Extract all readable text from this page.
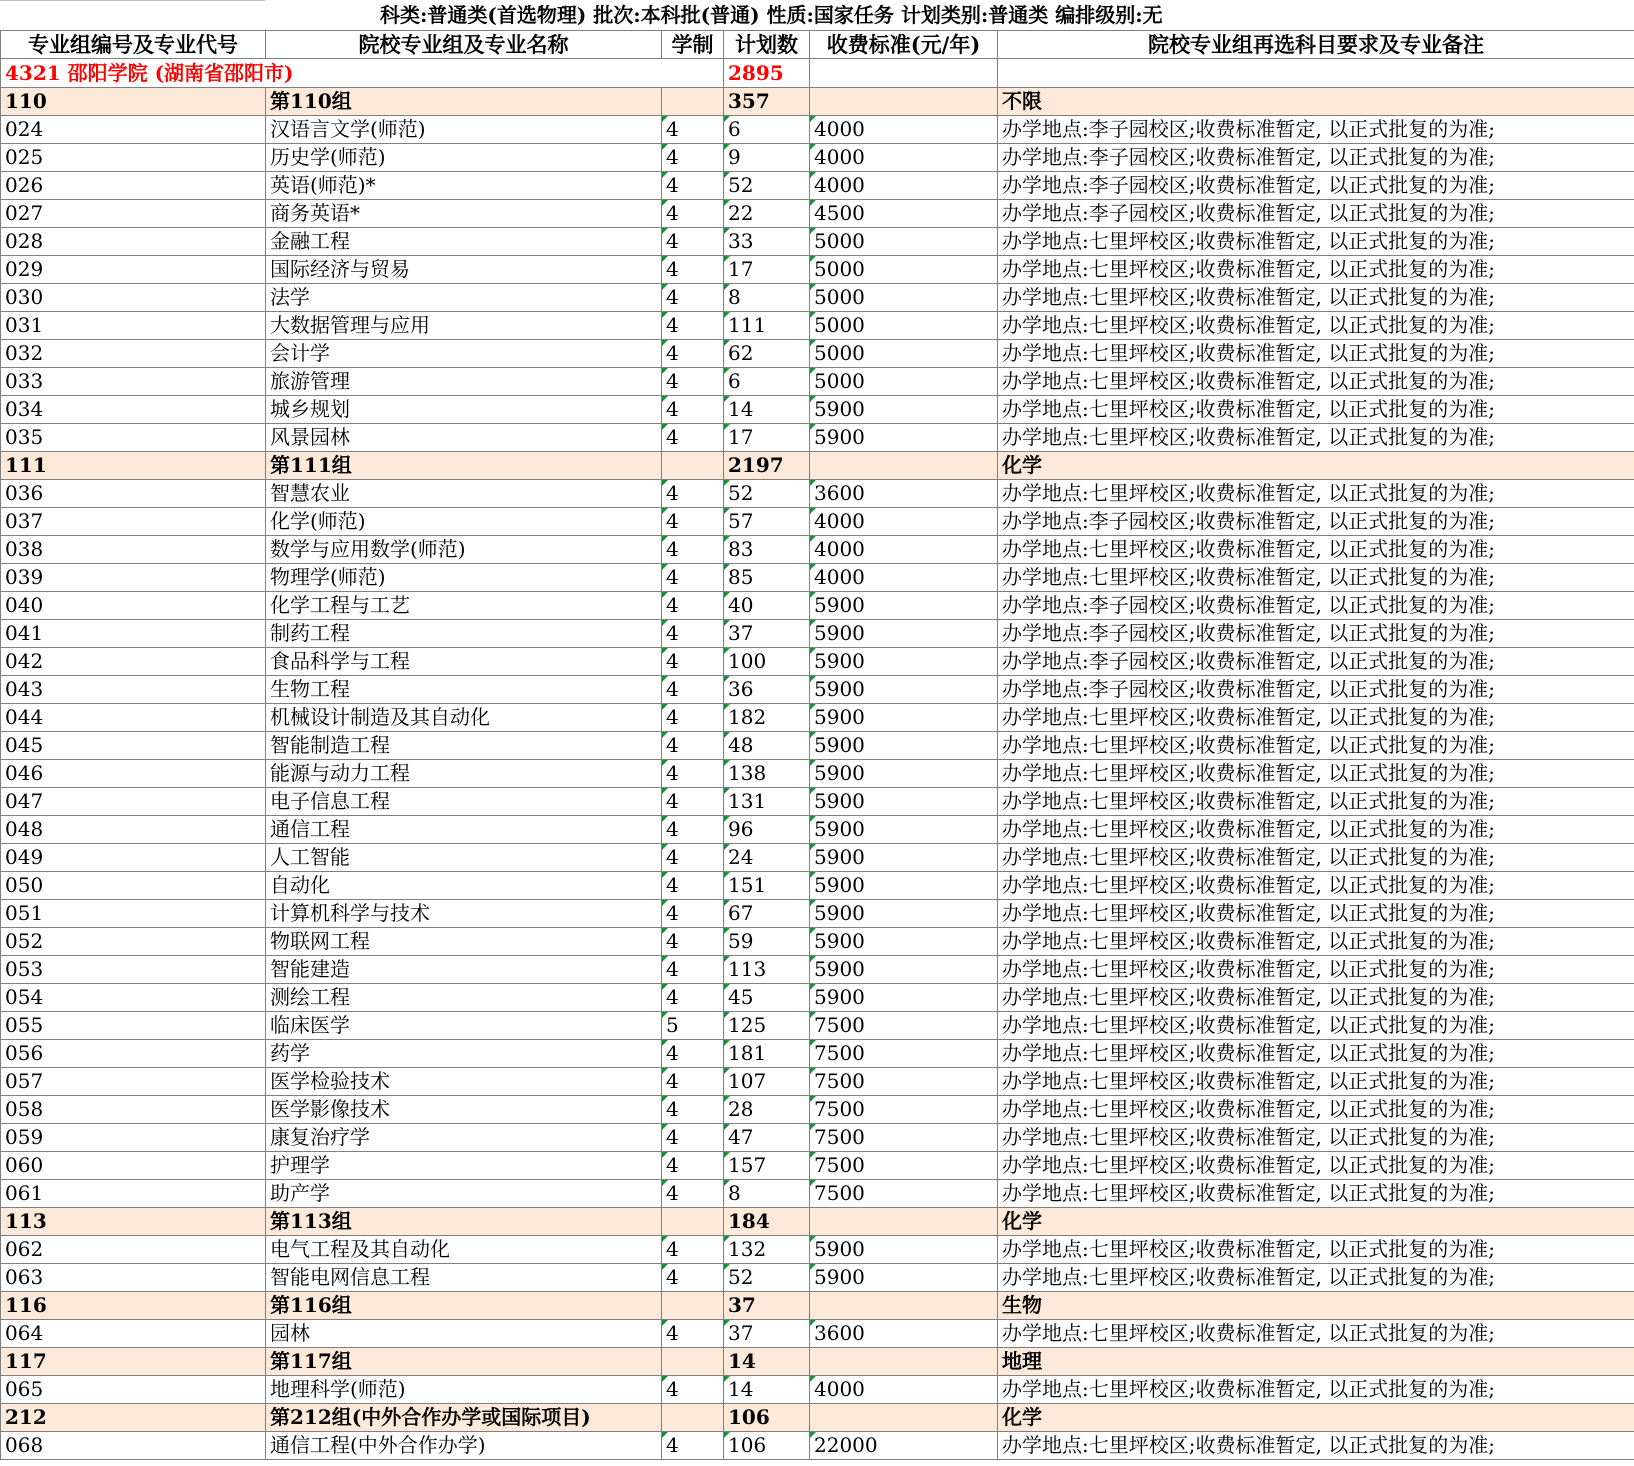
科类:普通类(首选物理) 批次:本科批(普通) 性质:国家任务 计划类别:普通类 编排级别:无
专业组编号及专业代号	院校专业组及专业名称	学制	计划数	收费标准(元/年)	院校专业组再选科目要求及专业备注
4321 邵阳学院 (湖南省邵阳市)			2895		
110	第110组		357		不限
024	汉语言文学(师范)	4	6	4000	办学地点:李子园校区;收费标准暂定, 以正式批复的为准;
025	历史学(师范)	4	9	4000	办学地点:李子园校区;收费标准暂定, 以正式批复的为准;
026	英语(师范)*	4	52	4000	办学地点:李子园校区;收费标准暂定, 以正式批复的为准;
027	商务英语*	4	22	4500	办学地点:李子园校区;收费标准暂定, 以正式批复的为准;
028	金融工程	4	33	5000	办学地点:七里坪校区;收费标准暂定, 以正式批复的为准;
029	国际经济与贸易	4	17	5000	办学地点:七里坪校区;收费标准暂定, 以正式批复的为准;
030	法学	4	8	5000	办学地点:七里坪校区;收费标准暂定, 以正式批复的为准;
031	大数据管理与应用	4	111	5000	办学地点:七里坪校区;收费标准暂定, 以正式批复的为准;
032	会计学	4	62	5000	办学地点:七里坪校区;收费标准暂定, 以正式批复的为准;
033	旅游管理	4	6	5000	办学地点:七里坪校区;收费标准暂定, 以正式批复的为准;
034	城乡规划	4	14	5900	办学地点:七里坪校区;收费标准暂定, 以正式批复的为准;
035	风景园林	4	17	5900	办学地点:七里坪校区;收费标准暂定, 以正式批复的为准;
111	第111组		2197		化学
036	智慧农业	4	52	3600	办学地点:七里坪校区;收费标准暂定, 以正式批复的为准;
037	化学(师范)	4	57	4000	办学地点:李子园校区;收费标准暂定, 以正式批复的为准;
038	数学与应用数学(师范)	4	83	4000	办学地点:七里坪校区;收费标准暂定, 以正式批复的为准;
039	物理学(师范)	4	85	4000	办学地点:七里坪校区;收费标准暂定, 以正式批复的为准;
040	化学工程与工艺	4	40	5900	办学地点:李子园校区;收费标准暂定, 以正式批复的为准;
041	制药工程	4	37	5900	办学地点:李子园校区;收费标准暂定, 以正式批复的为准;
042	食品科学与工程	4	100	5900	办学地点:李子园校区;收费标准暂定, 以正式批复的为准;
043	生物工程	4	36	5900	办学地点:李子园校区;收费标准暂定, 以正式批复的为准;
044	机械设计制造及其自动化	4	182	5900	办学地点:七里坪校区;收费标准暂定, 以正式批复的为准;
045	智能制造工程	4	48	5900	办学地点:七里坪校区;收费标准暂定, 以正式批复的为准;
046	能源与动力工程	4	138	5900	办学地点:七里坪校区;收费标准暂定, 以正式批复的为准;
047	电子信息工程	4	131	5900	办学地点:七里坪校区;收费标准暂定, 以正式批复的为准;
048	通信工程	4	96	5900	办学地点:七里坪校区;收费标准暂定, 以正式批复的为准;
049	人工智能	4	24	5900	办学地点:七里坪校区;收费标准暂定, 以正式批复的为准;
050	自动化	4	151	5900	办学地点:七里坪校区;收费标准暂定, 以正式批复的为准;
051	计算机科学与技术	4	67	5900	办学地点:七里坪校区;收费标准暂定, 以正式批复的为准;
052	物联网工程	4	59	5900	办学地点:七里坪校区;收费标准暂定, 以正式批复的为准;
053	智能建造	4	113	5900	办学地点:七里坪校区;收费标准暂定, 以正式批复的为准;
054	测绘工程	4	45	5900	办学地点:七里坪校区;收费标准暂定, 以正式批复的为准;
055	临床医学	5	125	7500	办学地点:七里坪校区;收费标准暂定, 以正式批复的为准;
056	药学	4	181	7500	办学地点:七里坪校区;收费标准暂定, 以正式批复的为准;
057	医学检验技术	4	107	7500	办学地点:七里坪校区;收费标准暂定, 以正式批复的为准;
058	医学影像技术	4	28	7500	办学地点:七里坪校区;收费标准暂定, 以正式批复的为准;
059	康复治疗学	4	47	7500	办学地点:七里坪校区;收费标准暂定, 以正式批复的为准;
060	护理学	4	157	7500	办学地点:七里坪校区;收费标准暂定, 以正式批复的为准;
061	助产学	4	8	7500	办学地点:七里坪校区;收费标准暂定, 以正式批复的为准;
113	第113组		184		化学
062	电气工程及其自动化	4	132	5900	办学地点:七里坪校区;收费标准暂定, 以正式批复的为准;
063	智能电网信息工程	4	52	5900	办学地点:七里坪校区;收费标准暂定, 以正式批复的为准;
116	第116组		37		生物
064	园林	4	37	3600	办学地点:七里坪校区;收费标准暂定, 以正式批复的为准;
117	第117组		14		地理
065	地理科学(师范)	4	14	4000	办学地点:七里坪校区;收费标准暂定, 以正式批复的为准;
212	第212组(中外合作办学或国际项目)		106		化学
068	通信工程(中外合作办学)	4	106	22000	办学地点:七里坪校区;收费标准暂定, 以正式批复的为准;
